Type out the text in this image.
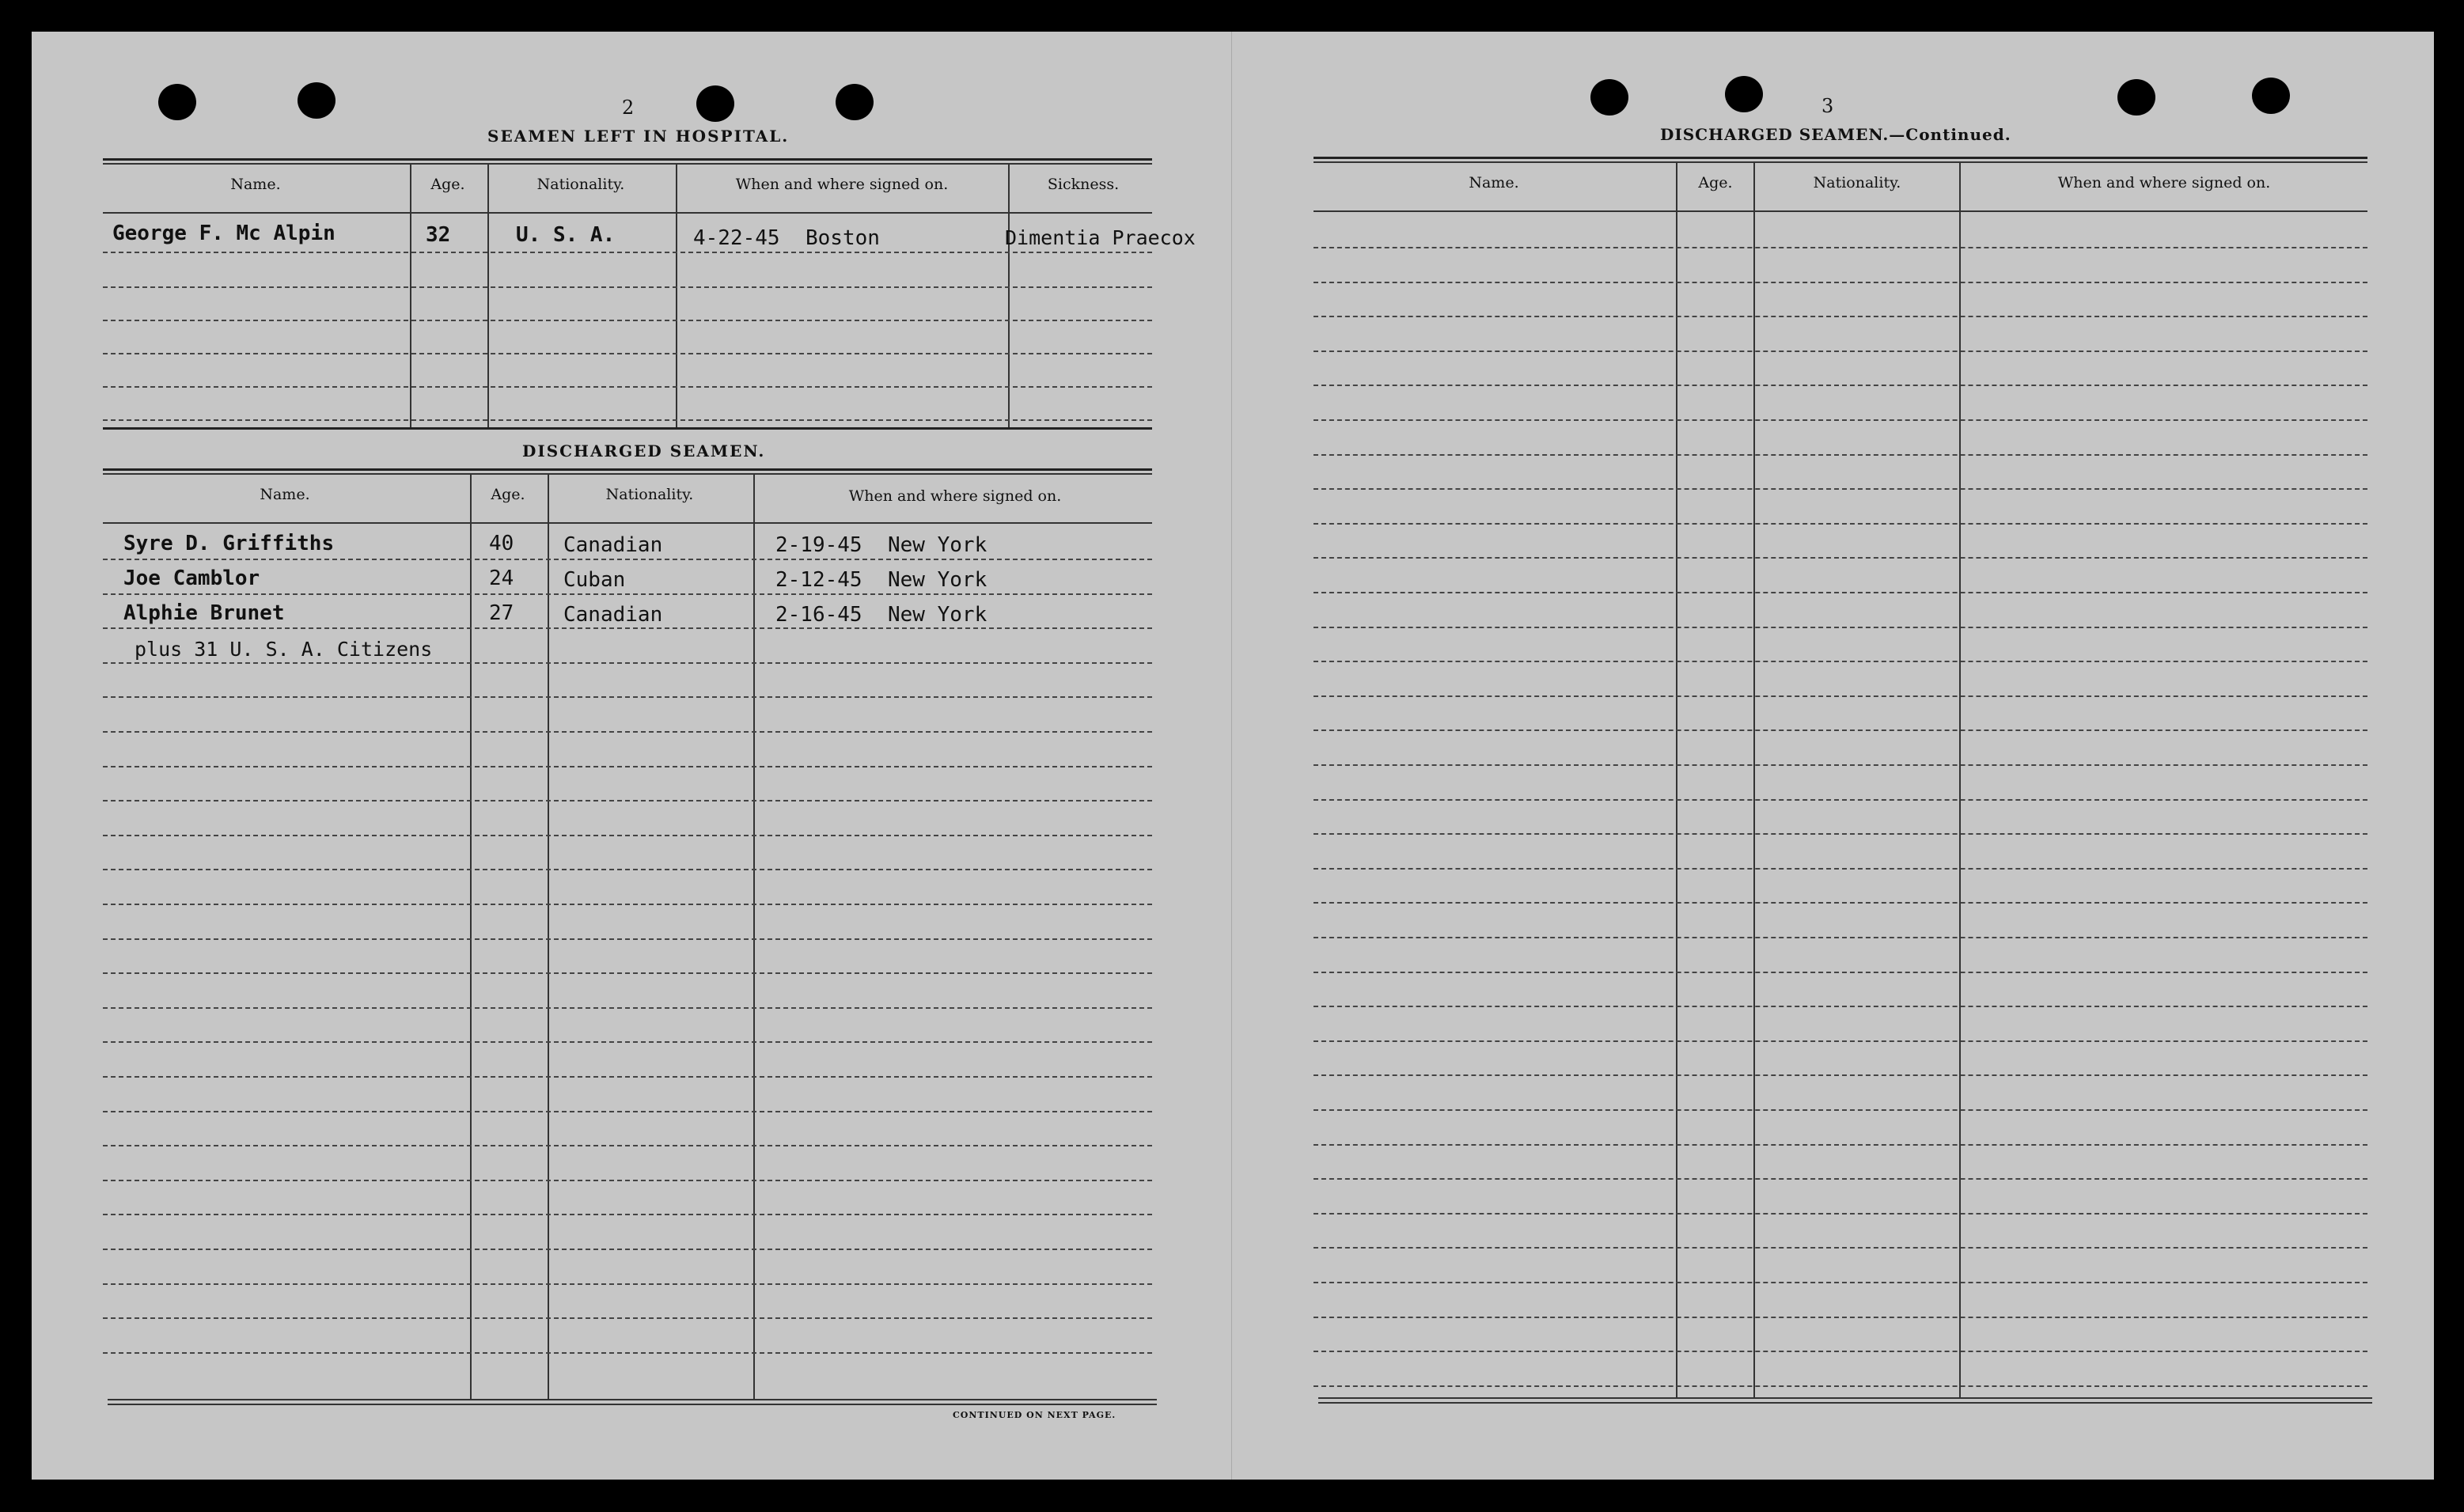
2
SEAMEN LEFT IN HOSPITAL.
Name.	Age.	Nationality.	When and where signed on.	Sickness.
George F. Mc Alpin	32	U. S. A.	4-22-45 Boston	Dimentia Praecox
DISCHARGED SEAMEN.
Name.	Age.	Nationality.	When and where signed on.
Syre D. Griffiths	40 Canadian	2-19-45 New York
Joe Camblor	24 Cuban	2-12-45 New York
Alphie Brunet	27 Canadian	2-16-45 New York
plus 31 U. S. A. Citizens
CONTINUED ON NEXT PAGE.
3
DISCHARGED SEAMEN.—Continued.
Name.	Age.	Nationality.	When and where signed on.
